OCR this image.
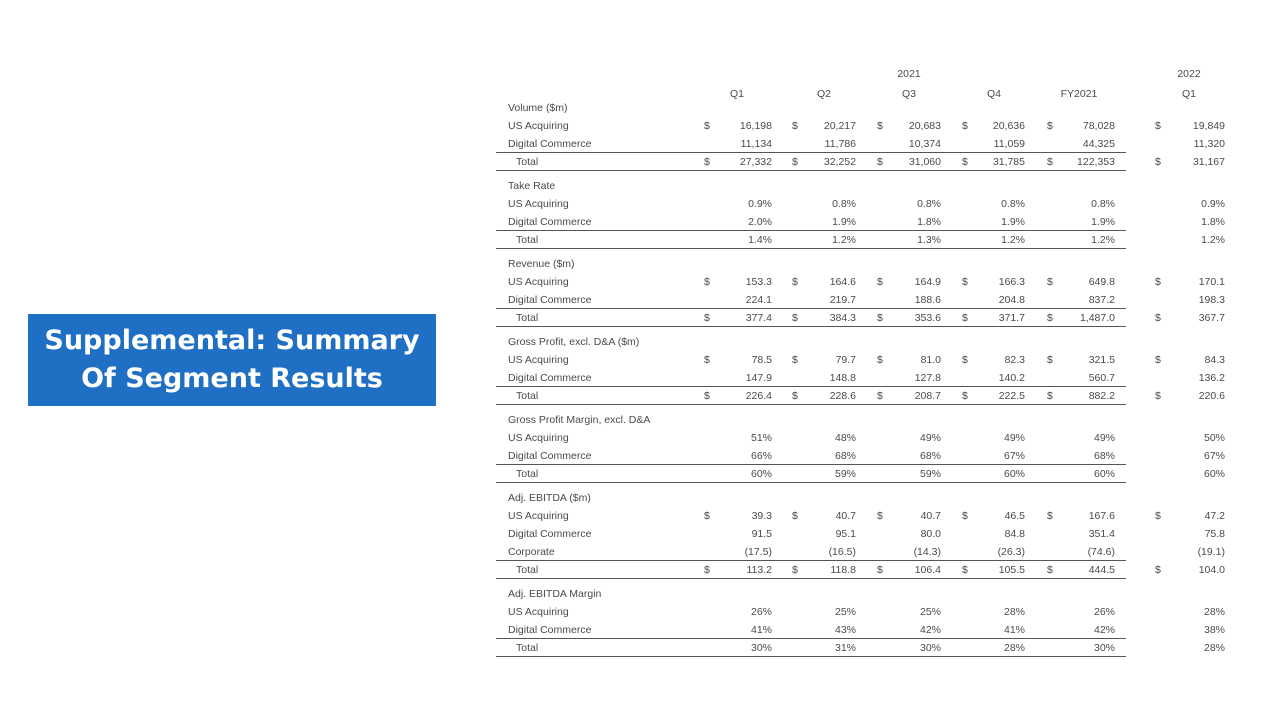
Supplemental: Summary Of Segment Results
2021	2022
Q1	Q2	Q3	Q4	FY2021	Q1
Volume ($m)
US Acquiring	$	16,198 $	20,217 $	20,683 $	20,636 $	78,028	$	19,849
Digital Commerce	11,134	11,786	10,374	11,059	44,325	11,320
Total	$	27,332 $	32,252 $	31,060 $	31,785 $	122,353	$	31,167
Take Rate
US Acquiring	0.9%	0.8%	0.8%	0.8%	0.8%	0.9%
Digital Commerce	2.0%	1.9%	1.8%	1.9%	1.9%	1.8%
Total	1.4%	1.2%	1.3%	1.2%	1.2%	1.2%
Revenue ($m)
US Acquiring	$	153.3 $	164.6 $	164.9 $	166.3 $	649.8	$	170.1
Digital Commerce	224.1	219.7	188.6	204.8	837.2	198.3
Total	$	377.4 $	384.3 $	353.6 $	371.7 $	1,487.0	$	367.7
Gross Profit, excl. D&A ($m)
US Acquiring	$	78.5 $	79.7 $	81.0 $	82.3 $	321.5	$	84.3
Digital Commerce	147.9	148.8	127.8	140.2	560.7	136.2
Total	$	226.4 $	228.6 $	208.7 $	222.5 $	882.2	$	220.6
Gross Profit Margin, excl. D&A
US Acquiring	51%	48%	49%	49%	49%	50%
Digital Commerce	66%	68%	68%	67%	68%	67%
Total	60%	59%	59%	60%	60%	60%
Adj. EBITDA ($m)
US Acquiring	$	39.3 $	40.7 $	40.7 $	46.5 $	167.6	$	47.2
Digital Commerce	91.5	95.1	80.0	84.8	351.4	75.8
Corporate	(17.5)	(16.5)	(14.3)	(26.3)	(74.6)	(19.1)
Total	$	113.2 $	118.8 $	106.4 $	105.5 $	444.5	$	104.0
Adj. EBITDA Margin
US Acquiring	26%	25%	25%	28%	26%	28%
Digital Commerce	41%	43%	42%	41%	42%	38%
Total	30%	31%	30%	28%	30%	28%
